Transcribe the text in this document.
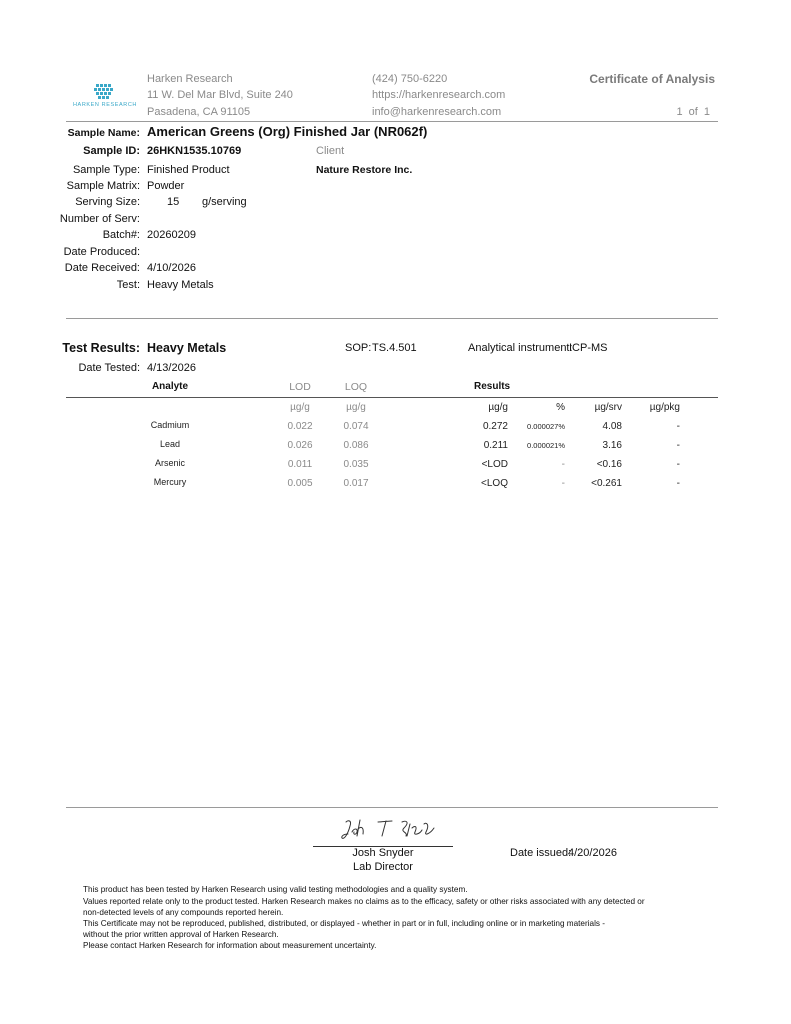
HARKEN RESEARCH
Harken Research
11 W. Del Mar Blvd, Suite 240
Pasadena, CA 91105
(424) 750-6220
https://harkenresearch.com
info@harkenresearch.com
Certificate of Analysis
1 of 1
Sample Name: American Greens (Org) Finished Jar (NR062f)
Sample ID: 26HKN1535.10769	Client
Nature Restore Inc.
Sample Type: Finished Product
Sample Matrix: Powder
Serving Size: 15 g/serving
Number of Serv:
Batch#: 20260209
Date Produced:
Date Received: 4/10/2026
Test: Heavy Metals
Test Results: Heavy Metals	SOP: TS.4.501	Analytical instrument:
ICP-MS
Date Tested: 4/13/2026
Analyte	LOD	LOQ	Results
µg/g	µg/g	µg/g	%	µg/srv	µg/pkg
Cadmium	0.022	0.074	0.272	0.000027%	4.08	-
Lead	0.026	0.086	0.211	0.000021%	3.16	-
Arsenic	0.011	0.035	<LOD	-	<0.16	-
Mercury	0.005	0.017	<LOQ	-	<0.261	-
Josh Snyder
Lab Director
Date issued:
4/20/2026
This product has been tested by Harken Research using valid testing methodologies and a quality system.
Values reported relate only to the product tested. Harken Research makes no claims as to the efficacy, safety or other risks associated with any detected or
non-detected levels of any compounds reported herein.
This Certificate may not be reproduced, published, distributed, or displayed - whether in part or in full, including online or in marketing materials -
without the prior written approval of Harken Research.
Please contact Harken Research for information about measurement uncertainty.
